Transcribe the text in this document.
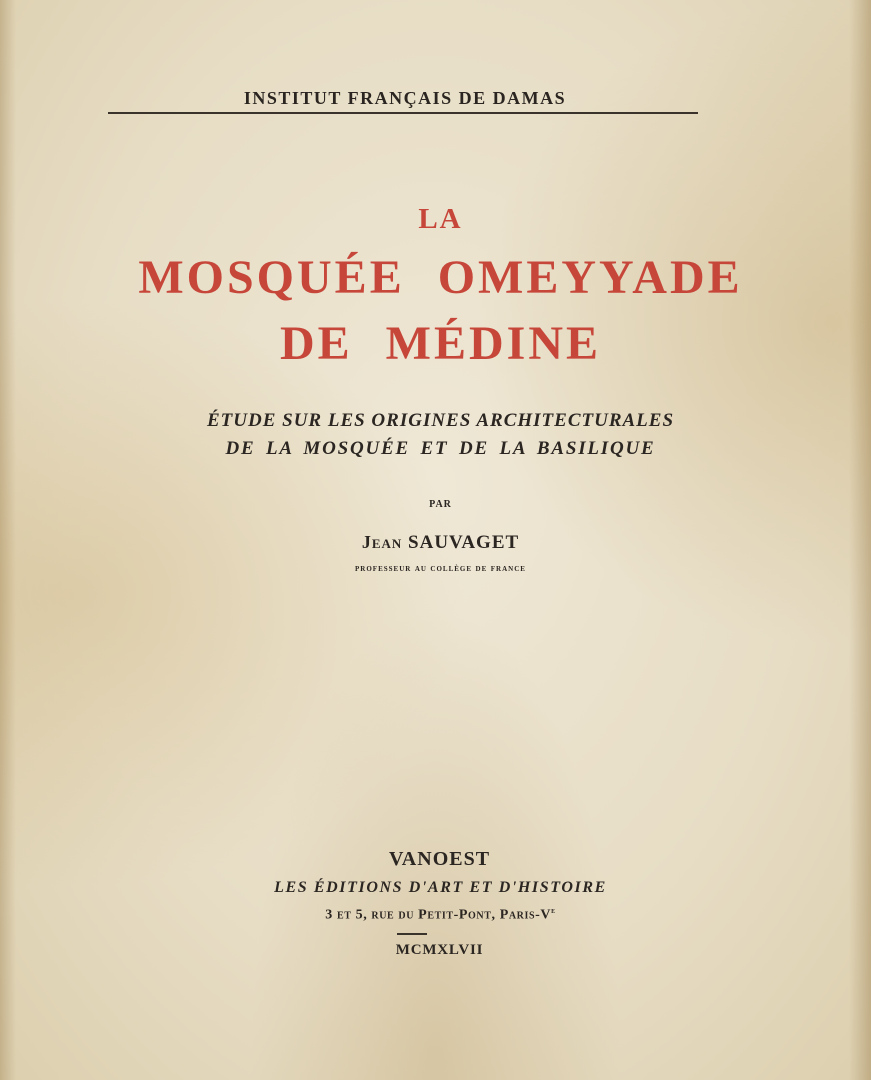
INSTITUT FRANÇAIS DE DAMAS
LA
MOSQUÉE OMEYYADE
DE MÉDINE
ÉTUDE SUR LES ORIGINES ARCHITECTURALES
DE LA MOSQUÉE ET DE LA BASILIQUE
PAR
Jean SAUVAGET
professeur au collège de france
VANOEST
LES ÉDITIONS D'ART ET D'HISTOIRE
3 et 5, rue du Petit-Pont, Paris-Ve
MCMXLVII
